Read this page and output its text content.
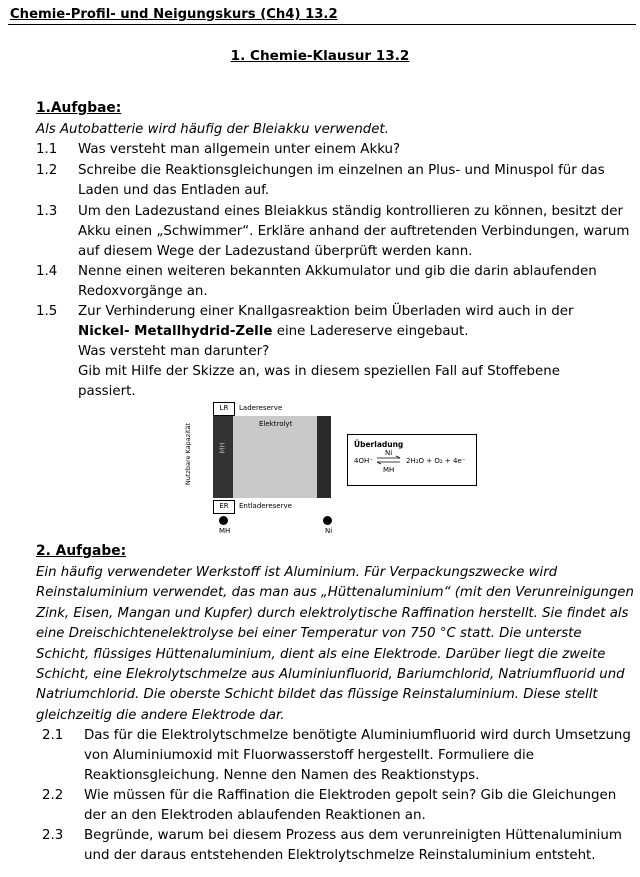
Chemie-Profil- und Neigungskurs (Ch4) 13.2
1. Chemie-Klausur 13.2
1.Aufgbae:
Als Autobatterie wird häufig der Bleiakku verwendet.
1.1 Was versteht man allgemein unter einem Akku?
1.2 Schreibe die Reaktionsgleichungen im einzelnen an Plus- und Minuspol für das Laden und das Entladen auf.
1.3 Um den Ladezustand eines Bleiakkus ständig kontrollieren zu können, besitzt der Akku einen „Schwimmer“. Erkläre anhand der auftretenden Verbindungen, warum auf diesem Wege der Ladezustand überprüft werden kann.
1.4 Nenne einen weiteren bekannten Akkumulator und gib die darin ablaufenden Redoxvorgänge an.
1.5 Zur Verhinderung einer Knallgasreaktion beim Überladen wird auch in der
Nickel- Metallhydrid-Zelle eine Ladereserve eingebaut.
Was versteht man darunter?
Gib mit Hilfe der Skizze an, was in diesem speziellen Fall auf Stoffebene passiert.
LR	Ladereserve
Elektrolyt
MH
Nutzbare Kapazität
ER	Entladereserve
MH	Ni
Überladung
4OH⁻
Ni
MH
2H₂O + O₂ + 4e⁻
2. Aufgabe:
Ein häufig verwendeter Werkstoff ist Aluminium. Für Verpackungszwecke wird Reinstaluminium verwendet, das man aus „Hüttenaluminium“ (mit den Verunreinigungen Zink, Eisen, Mangan und Kupfer) durch elektrolytische Raffination herstellt. Sie findet als eine Dreischichtenelektrolyse bei einer Temperatur von 750 °C statt. Die unterste Schicht, flüssiges Hüttenaluminium, dient als eine Elektrode. Darüber liegt die zweite Schicht, eine Elekrolytschmelze aus Aluminiunfluorid, Bariumchlorid, Natriumfluorid und Natriumchlorid. Die oberste Schicht bildet das flüssige Reinstaluminium. Diese stellt gleichzeitig die andere Elektrode dar.
2.1 Das für die Elektrolytschmelze benötigte Aluminiumfluorid wird durch Umsetzung von Aluminiumoxid mit Fluorwasserstoff hergestellt. Formuliere die Reaktionsgleichung. Nenne den Namen des Reaktionstyps.
2.2 Wie müssen für die Raffination die Elektroden gepolt sein? Gib die Gleichungen der an den Elektroden ablaufenden Reaktionen an.
2.3 Begründe, warum bei diesem Prozess aus dem verunreinigten Hüttenaluminium und der daraus entstehenden Elektrolytschmelze Reinstaluminium entsteht.
